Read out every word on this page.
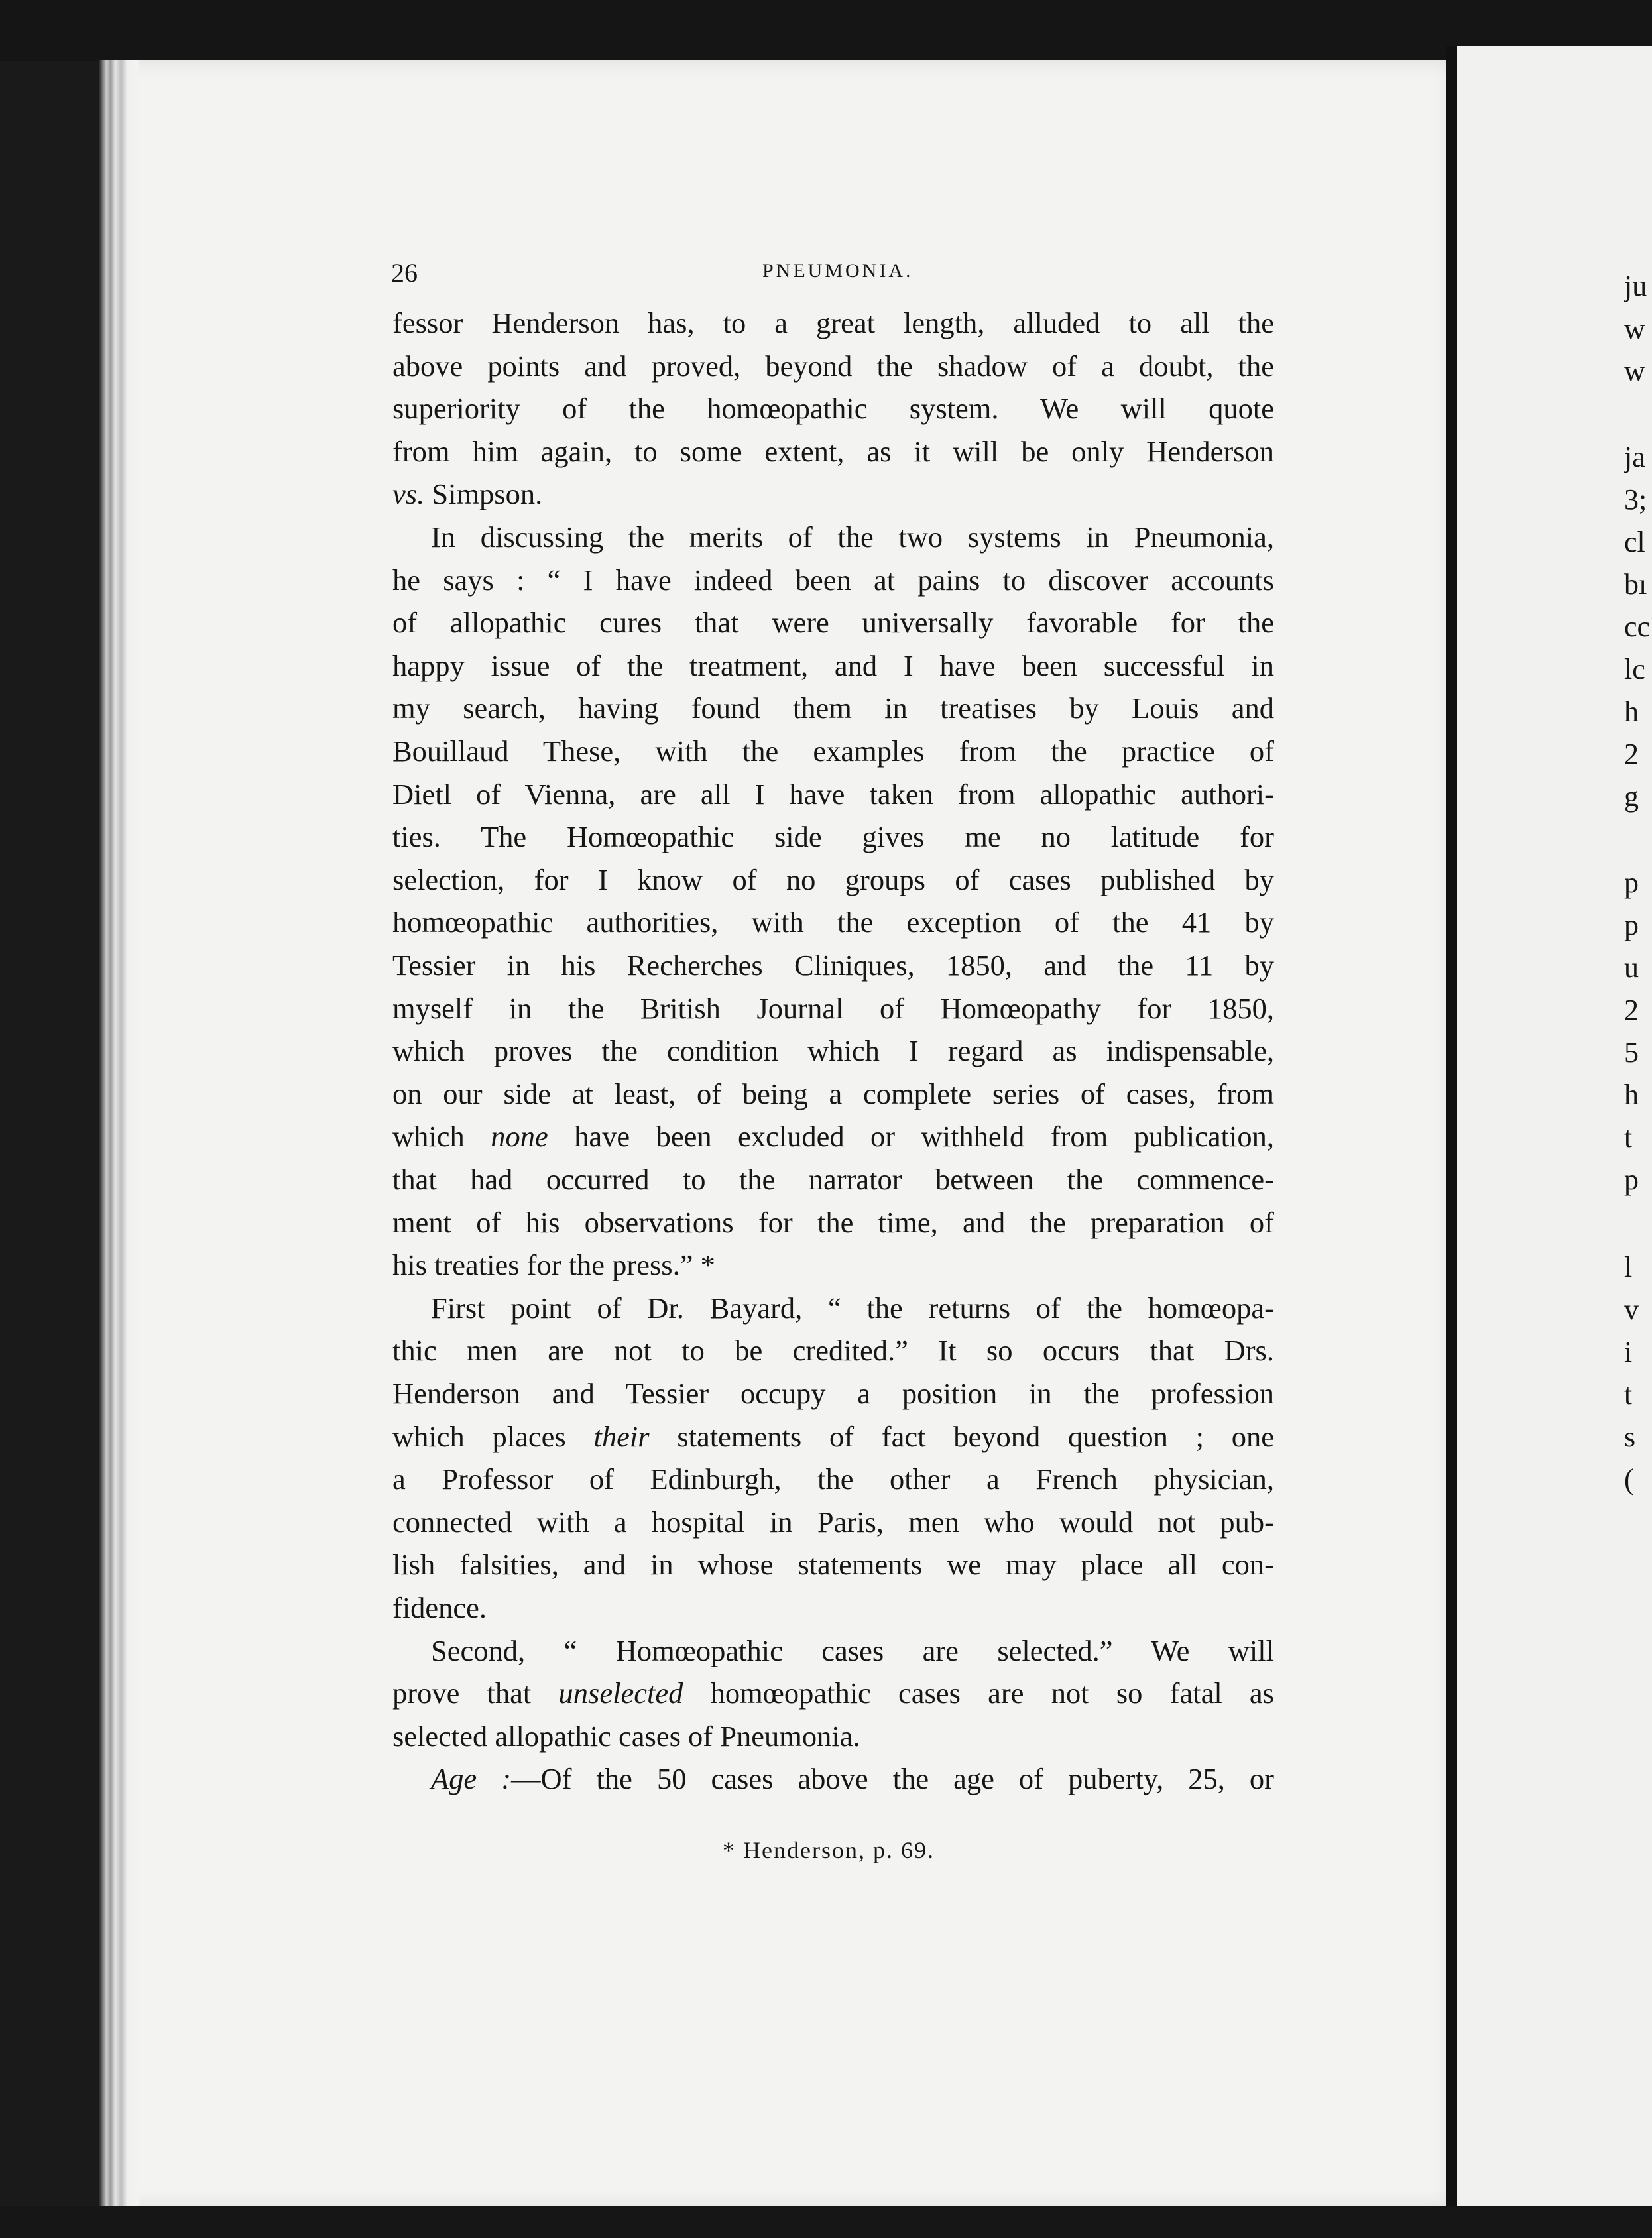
26	PNEUMONIA.
fessor Henderson has, to a great length, alluded to all the
above points and proved, beyond the shadow of a doubt, the
superiority of the homœopathic system. We will quote
from him again, to some extent, as it will be only Henderson
vs. Simpson.
In discussing the merits of the two systems in Pneumonia,
he says : “ I have indeed been at pains to discover accounts
of allopathic cures that were universally favorable for the
happy issue of the treatment, and I have been successful in
my search, having found them in treatises by Louis and
Bouillaud These, with the examples from the practice of
Dietl of Vienna, are all I have taken from allopathic authori-
ties. The Homœopathic side gives me no latitude for
selection, for I know of no groups of cases published by
homœopathic authorities, with the exception of the 41 by
Tessier in his Recherches Cliniques, 1850, and the 11 by
myself in the British Journal of Homœopathy for 1850,
which proves the condition which I regard as indispensable,
on our side at least, of being a complete series of cases, from
which none have been excluded or withheld from publication,
that had occurred to the narrator between the commence-
ment of his observations for the time, and the preparation of
his treaties for the press.” *
First point of Dr. Bayard, “ the returns of the homœopa-
thic men are not to be credited.” It so occurs that Drs.
Henderson and Tessier occupy a position in the profession
which places their statements of fact beyond question ; one
a Professor of Edinburgh, the other a French physician,
connected with a hospital in Paris, men who would not pub-
lish falsities, and in whose statements we may place all con-
fidence.
Second, “ Homœopathic cases are selected.” We will
prove that unselected homœopathic cases are not so fatal as
selected allopathic cases of Pneumonia.
Age :—Of the 50 cases above the age of puberty, 25, or
* Henderson, p. 69.
ju
w
w
ja
3;
cl
bı
cc
lc
h
2
g
p
p
u
2
5
h
t
p
l
v
i
t
s
(
